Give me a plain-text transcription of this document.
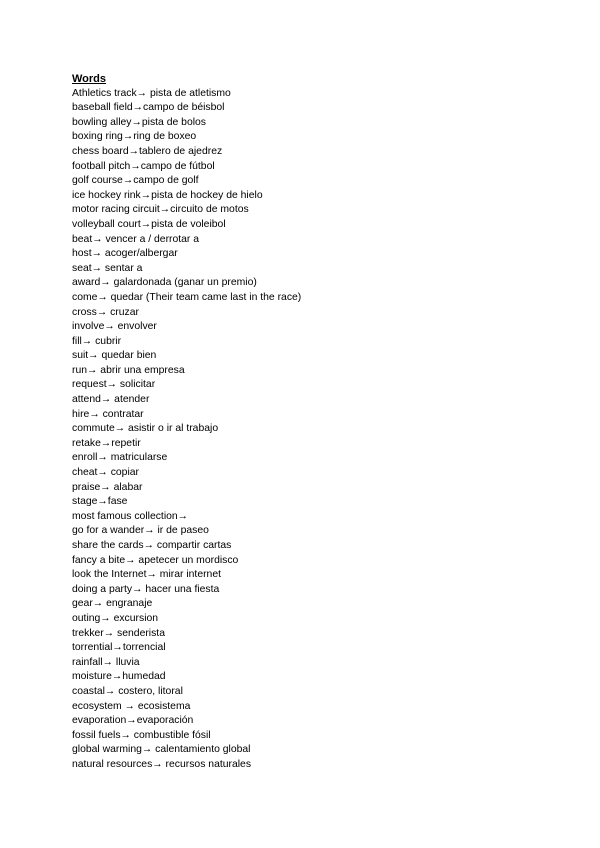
Words
Athletics track→ pista de atletismo
baseball field→campo de béisbol
bowling alley→pista de bolos
boxing ring→ring de boxeo
chess board→tablero de ajedrez
football pitch→campo de fútbol
golf course→campo de golf
ice hockey rink→pista de hockey de hielo
motor racing circuit→circuito de motos
volleyball court→pista de voleibol
beat→ vencer a / derrotar a
host→ acoger/albergar
seat→ sentar a
award→ galardonada (ganar un premio)
come→ quedar (Their team came last in the race)
cross→ cruzar
involve→ envolver
fill→ cubrir
suit→ quedar bien
run→ abrir una empresa
request→ solicitar
attend→ atender
hire→ contratar
commute→ asistir o ir al trabajo
retake→repetir
enroll→ matricularse
cheat→ copiar
praise→ alabar
stage→fase
most famous collection→
go for a wander→ ir de paseo
share the cards→ compartir cartas
fancy a bite→ apetecer un mordisco
look the Internet→ mirar internet
doing a party→ hacer una fiesta
gear→ engranaje
outing→ excursion
trekker→ senderista
torrential→torrencial
rainfall→ lluvia
moisture→humedad
coastal→ costero, litoral
ecosystem → ecosistema
evaporation→evaporación
fossil fuels→ combustible fósil
global warming→ calentamiento global
natural resources→ recursos naturales
